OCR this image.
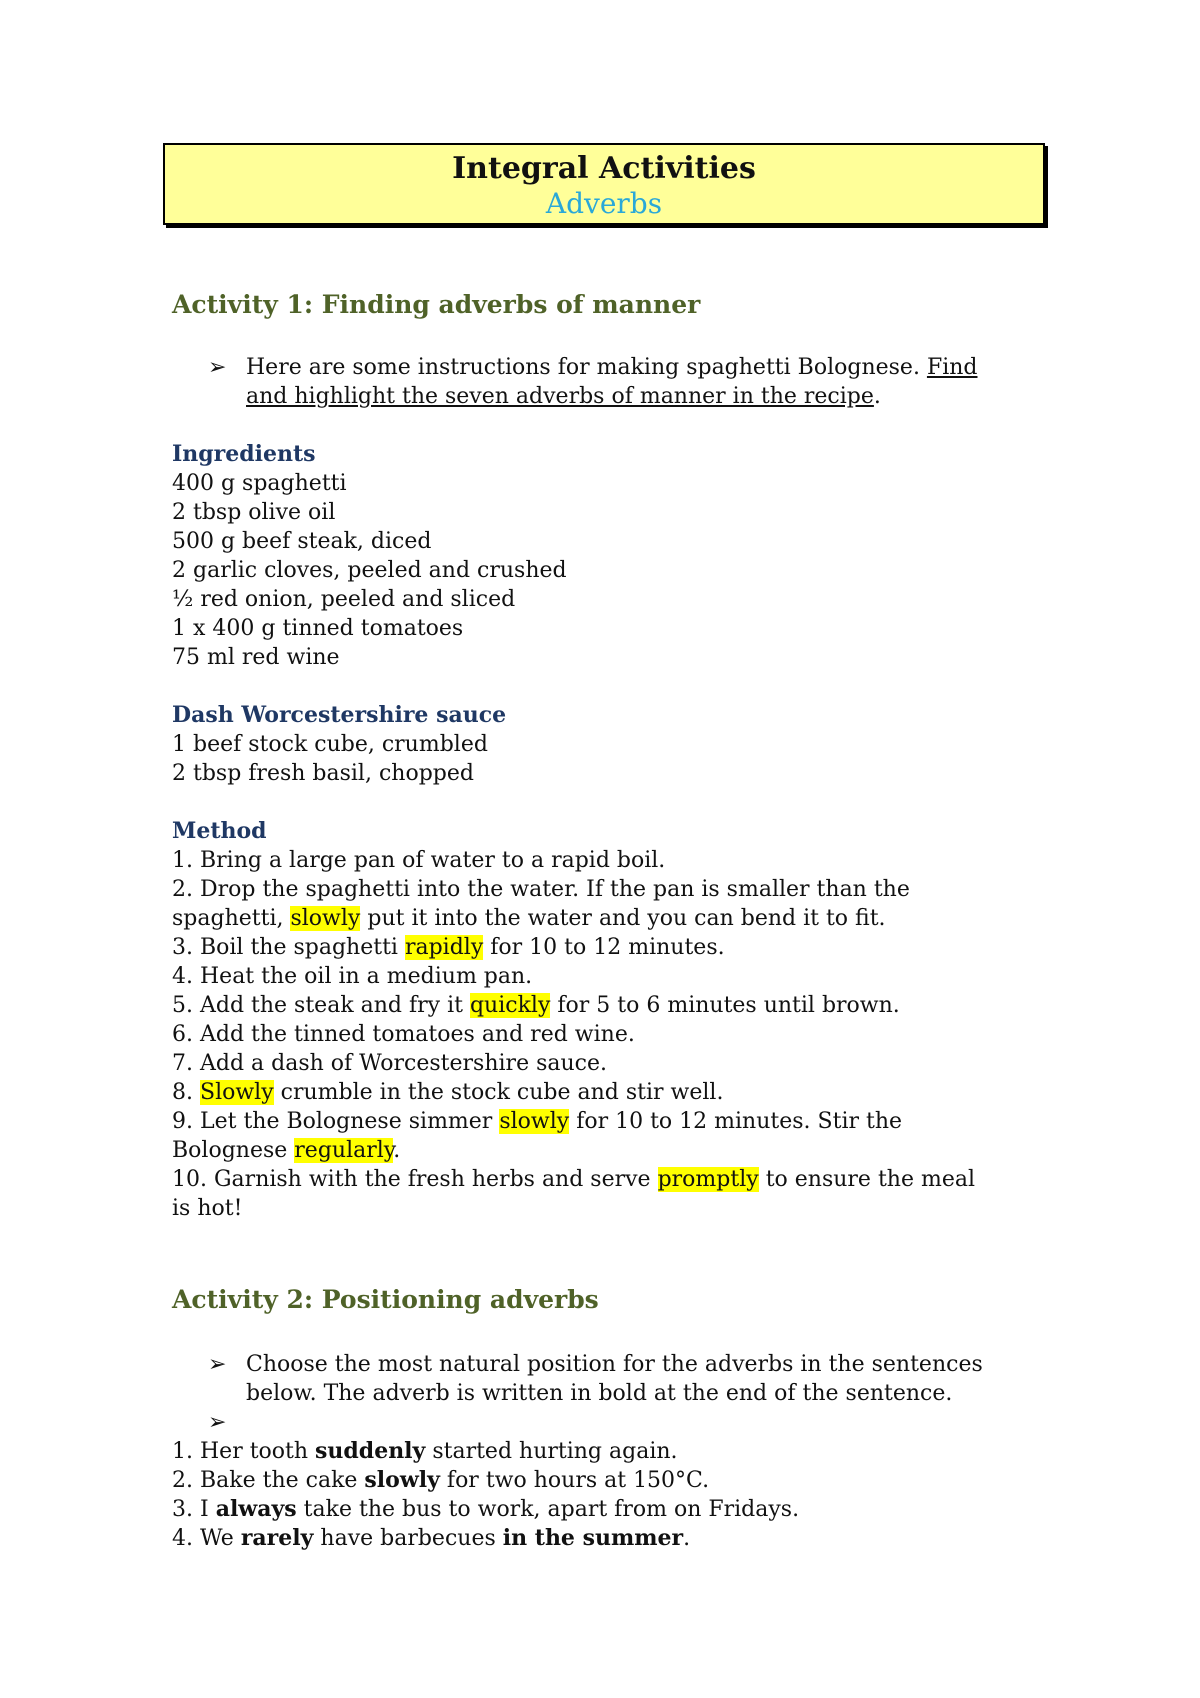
Integral Activities
Adverbs
Activity 1: Finding adverbs of manner
➢ Here are some instructions for making spaghetti Bolognese. Find
and highlight the seven adverbs of manner in the recipe.
Ingredients
400 g spaghetti
2 tbsp olive oil
500 g beef steak, diced
2 garlic cloves, peeled and crushed
½ red onion, peeled and sliced
1 x 400 g tinned tomatoes
75 ml red wine
Dash Worcestershire sauce
1 beef stock cube, crumbled
2 tbsp fresh basil, chopped
Method
1. Bring a large pan of water to a rapid boil.
2. Drop the spaghetti into the water. If the pan is smaller than the
spaghetti, slowly put it into the water and you can bend it to fit.
3. Boil the spaghetti rapidly for 10 to 12 minutes.
4. Heat the oil in a medium pan.
5. Add the steak and fry it quickly for 5 to 6 minutes until brown.
6. Add the tinned tomatoes and red wine.
7. Add a dash of Worcestershire sauce.
8. Slowly crumble in the stock cube and stir well.
9. Let the Bolognese simmer slowly for 10 to 12 minutes. Stir the
Bolognese regularly.
10. Garnish with the fresh herbs and serve promptly to ensure the meal
is hot!
Activity 2: Positioning adverbs
➢ Choose the most natural position for the adverbs in the sentences
below. The adverb is written in bold at the end of the sentence.
➢
1. Her tooth suddenly started hurting again.
2. Bake the cake slowly for two hours at 150°C.
3. I always take the bus to work, apart from on Fridays.
4. We rarely have barbecues in the summer.
